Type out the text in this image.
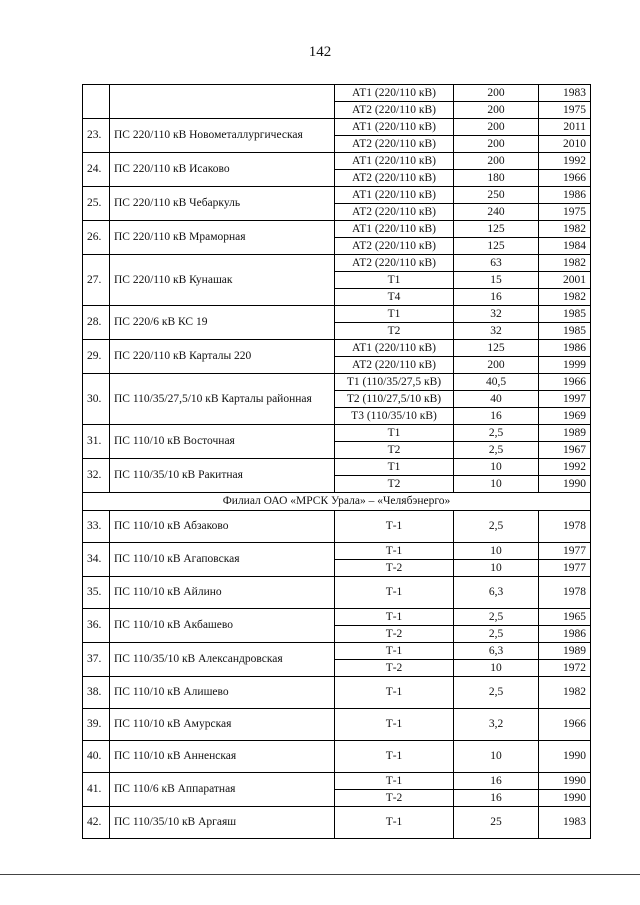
142
		АТ1 (220/110 кВ)	200	1983
		АТ2 (220/110 кВ)	200	1975
23.	ПС 220/110 кВ Новометаллургическая	АТ1 (220/110 кВ)	200	2011
		АТ2 (220/110 кВ)	200	2010
24.	ПС 220/110 кВ Исаково	АТ1 (220/110 кВ)	200	1992
		АТ2 (220/110 кВ)	180	1966
25.	ПС 220/110 кВ Чебаркуль	АТ1 (220/110 кВ)	250	1986
		АТ2 (220/110 кВ)	240	1975
26.	ПС 220/110 кВ Мраморная	АТ1 (220/110 кВ)	125	1982
		АТ2 (220/110 кВ)	125	1984
27.	ПС 220/110 кВ Кунашак	АТ2 (220/110 кВ)	63	1982
		Т1	15	2001
		Т4	16	1982
28.	ПС 220/6 кВ КС 19	Т1	32	1985
		Т2	32	1985
29.	ПС 220/110 кВ Карталы 220	АТ1 (220/110 кВ)	125	1986
		АТ2 (220/110 кВ)	200	1999
30.	ПС 110/35/27,5/10 кВ Карталы районная	Т1 (110/35/27,5 кВ)	40,5	1966
		Т2 (110/27,5/10 кВ)	40	1997
		Т3 (110/35/10 кВ)	16	1969
31.	ПС 110/10 кВ Восточная	Т1	2,5	1989
		Т2	2,5	1967
32.	ПС 110/35/10 кВ Ракитная	Т1	10	1992
		Т2	10	1990
Филиал ОАО «МРСК Урала» – «Челябэнерго»				
33.	ПС 110/10 кВ Абзаково	Т-1	2,5	1978
34.	ПС 110/10 кВ Агаповская	Т-1	10	1977
		Т-2	10	1977
35.	ПС 110/10 кВ Айлино	Т-1	6,3	1978
36.	ПС 110/10 кВ Акбашево	Т-1	2,5	1965
		Т-2	2,5	1986
37.	ПС 110/35/10 кВ Александровская	Т-1	6,3	1989
		Т-2	10	1972
38.	ПС 110/10 кВ Алишево	Т-1	2,5	1982
39.	ПС 110/10 кВ Амурская	Т-1	3,2	1966
40.	ПС 110/10 кВ Анненская	Т-1	10	1990
41.	ПС 110/6 кВ Аппаратная	Т-1	16	1990
		Т-2	16	1990
42.	ПС 110/35/10 кВ Аргаяш	Т-1	25	1983
